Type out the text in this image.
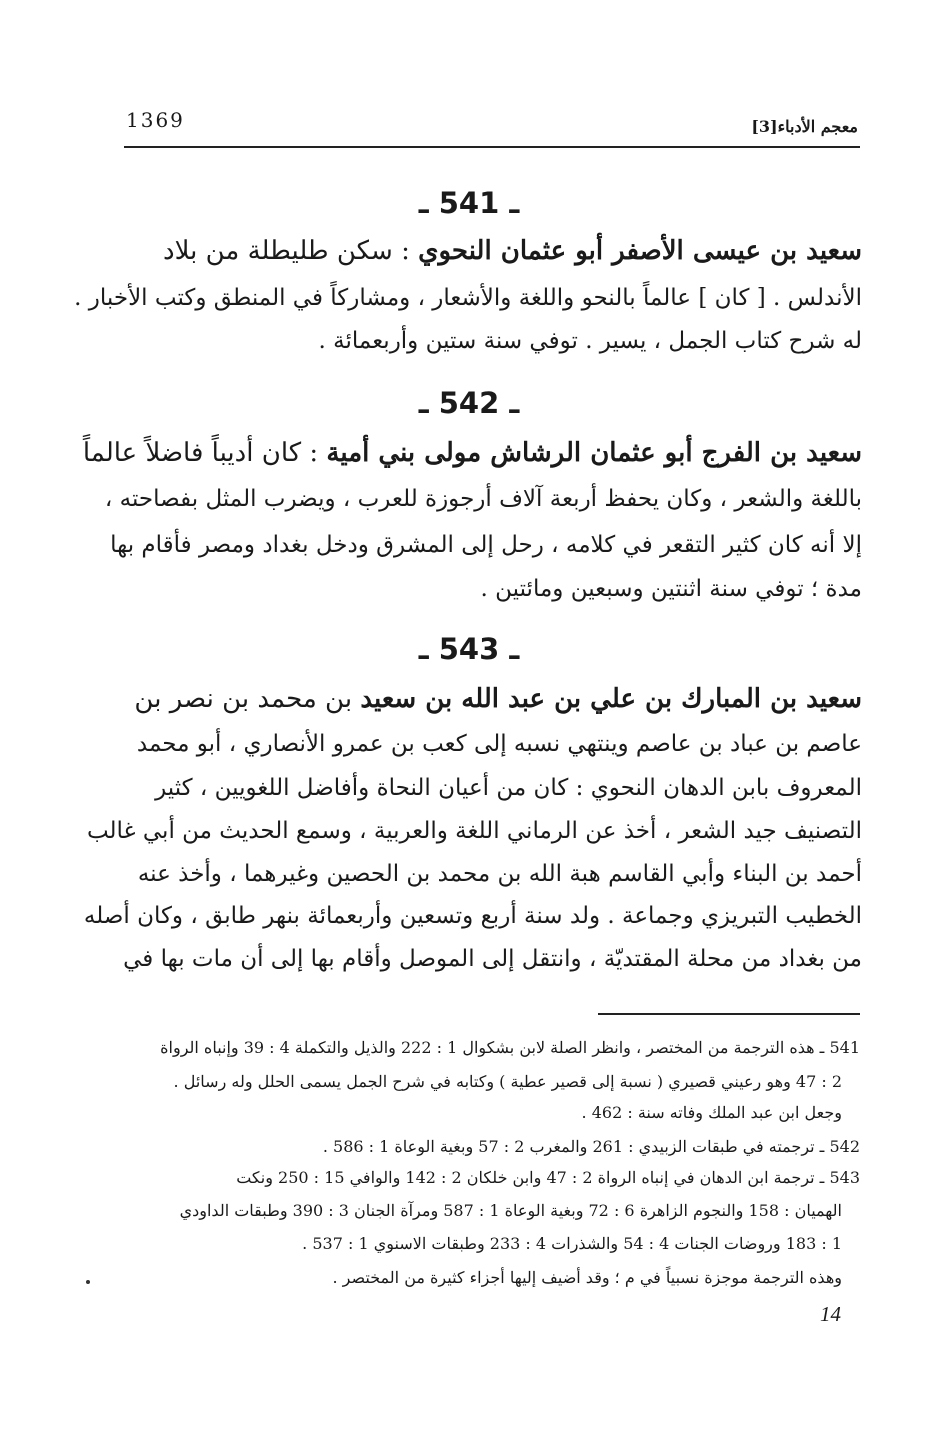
1369	معجم الأدباء[3]
ـ 541 ـ
سعيد بن عيسى الأصفر أبو عثمان النحوي : سكن طليطلة من بلاد
الأندلس . [ كان ] عالماً بالنحو واللغة والأشعار ، ومشاركاً في المنطق وكتب الأخبار .
له شرح كتاب الجمل ، يسير . توفي سنة ستين وأربعمائة .
ـ 542 ـ
سعيد بن الفرج أبو عثمان الرشاش مولى بني أمية : كان أديباً فاضلاً عالماً
باللغة والشعر ، وكان يحفظ أربعة آلاف أرجوزة للعرب ، ويضرب المثل بفصاحته ،
إلا أنه كان كثير التقعر في كلامه ، رحل إلى المشرق ودخل بغداد ومصر فأقام بها
مدة ؛ توفي سنة اثنتين وسبعين ومائتين .
ـ 543 ـ
سعيد بن المبارك بن علي بن عبد الله بن سعيد بن محمد بن نصر بن
عاصم بن عباد بن عاصم وينتهي نسبه إلى كعب بن عمرو الأنصاري ، أبو محمد
المعروف بابن الدهان النحوي : كان من أعيان النحاة وأفاضل اللغويين ، كثير
التصنيف جيد الشعر ، أخذ عن الرماني اللغة والعربية ، وسمع الحديث من أبي غالب
أحمد بن البناء وأبي القاسم هبة الله بن محمد بن الحصين وغيرهما ، وأخذ عنه
الخطيب التبريزي وجماعة . ولد سنة أربع وتسعين وأربعمائة بنهر طابق ، وكان أصله
من بغداد من محلة المقتديّة ، وانتقل إلى الموصل وأقام بها إلى أن مات بها في
541 ـ هذه الترجمة من المختصر ، وانظر الصلة لابن بشكوال 1 : 222 والذيل والتكملة 4 : 39 وإنباه الرواة
2 : 47 وهو رعيني قصيري ( نسبة إلى قصير عطية ) وكتابه في شرح الجمل يسمى الحلل وله رسائل .
وجعل ابن عبد الملك وفاته سنة : 462 .
542 ـ ترجمته في طبقات الزبيدي : 261 والمغرب 2 : 57 وبغية الوعاة 1 : 586 .
543 ـ ترجمة ابن الدهان في إنباه الرواة 2 : 47 وابن خلكان 2 : 142 والوافي 15 : 250 ونكت
الهميان : 158 والنجوم الزاهرة 6 : 72 وبغية الوعاة 1 : 587 ومرآة الجنان 3 : 390 وطبقات الداودي
1 : 183 وروضات الجنات 4 : 54 والشذرات 4 : 233 وطبقات الاسنوي 1 : 537 .
وهذه الترجمة موجزة نسبياً في م ؛ وقد أضيف إليها أجزاء كثيرة من المختصر .
14
